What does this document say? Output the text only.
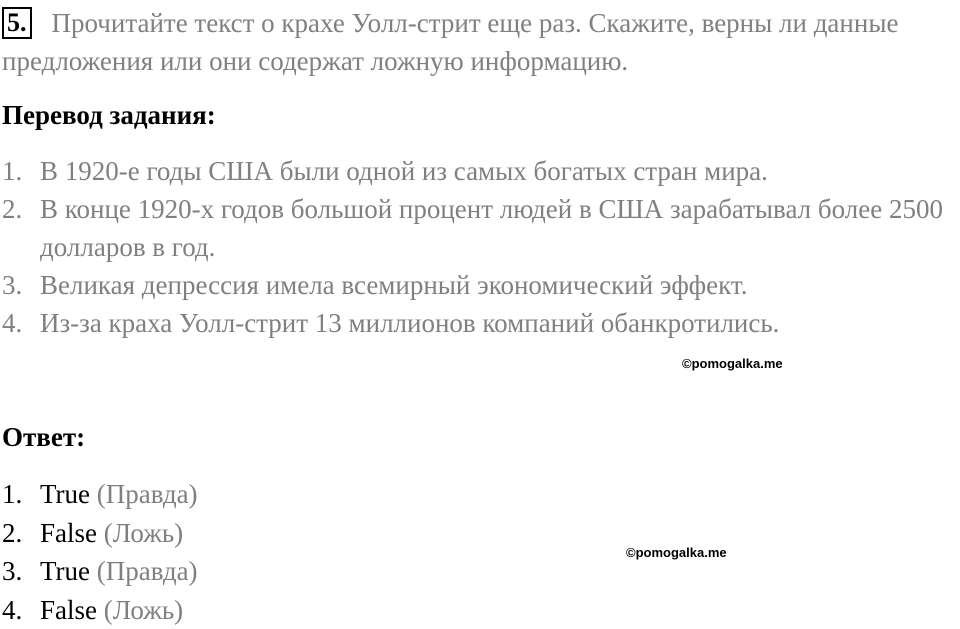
5. Прочитайте текст о крахе Уолл-стрит еще раз. Скажите, верны ли данные предложения или они содержат ложную информацию.
Перевод задания:
1. В 1920-е годы США были одной из самых богатых стран мира.
2. В конце 1920-х годов большой процент людей в США зарабатывал более 2500 долларов в год.
3. Великая депрессия имела всемирный экономический эффект.
4. Из-за краха Уолл-стрит 13 миллионов компаний обанкротились.
©pomogalka.me
Ответ:
1. True (Правда)
2. False (Ложь)
3. True (Правда)
4. False (Ложь)
©pomogalka.me
